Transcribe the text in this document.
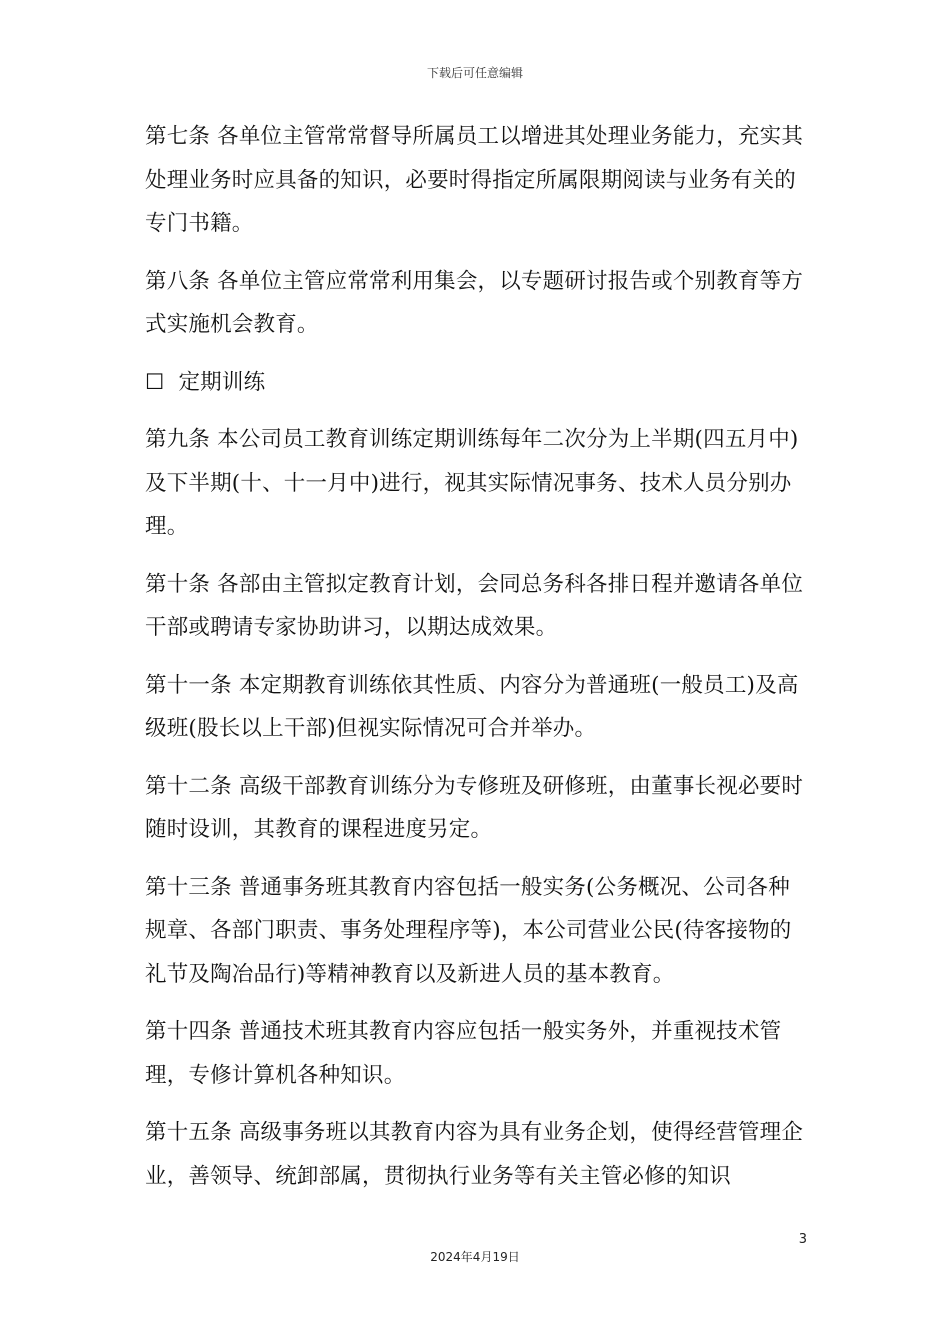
下载后可任意编辑

第七条 各单位主管常常督导所属员工以增进其处理业务能力，充实其处理业务时应具备的知识，必要时得指定所属限期阅读与业务有关的专门书籍。

第八条 各单位主管应常常利用集会，以专题研讨报告或个别教育等方式实施机会教育。

☐ 定期训练

第九条 本公司员工教育训练定期训练每年二次分为上半期(四五月中)及下半期(十、十一月中)进行，视其实际情况事务、技术人员分别办理。

第十条 各部由主管拟定教育计划，会同总务科各排日程并邀请各单位干部或聘请专家协助讲习，以期达成效果。

第十一条 本定期教育训练依其性质、内容分为普通班(一般员工)及高级班(股长以上干部)但视实际情况可合并举办。

第十二条 高级干部教育训练分为专修班及研修班，由董事长视必要时随时设训，其教育的课程进度另定。

第十三条 普通事务班其教育内容包括一般实务(公务概况、公司各种规章、各部门职责、事务处理程序等)，本公司营业公民(待客接物的礼节及陶冶品行)等精神教育以及新进人员的基本教育。

第十四条 普通技术班其教育内容应包括一般实务外，并重视技术管理，专修计算机各种知识。

第十五条 高级事务班以其教育内容为具有业务企划，使得经营管理企业，善领导、统卸部属，贯彻执行业务等有关主管必修的知识

3
2024年4月19日
